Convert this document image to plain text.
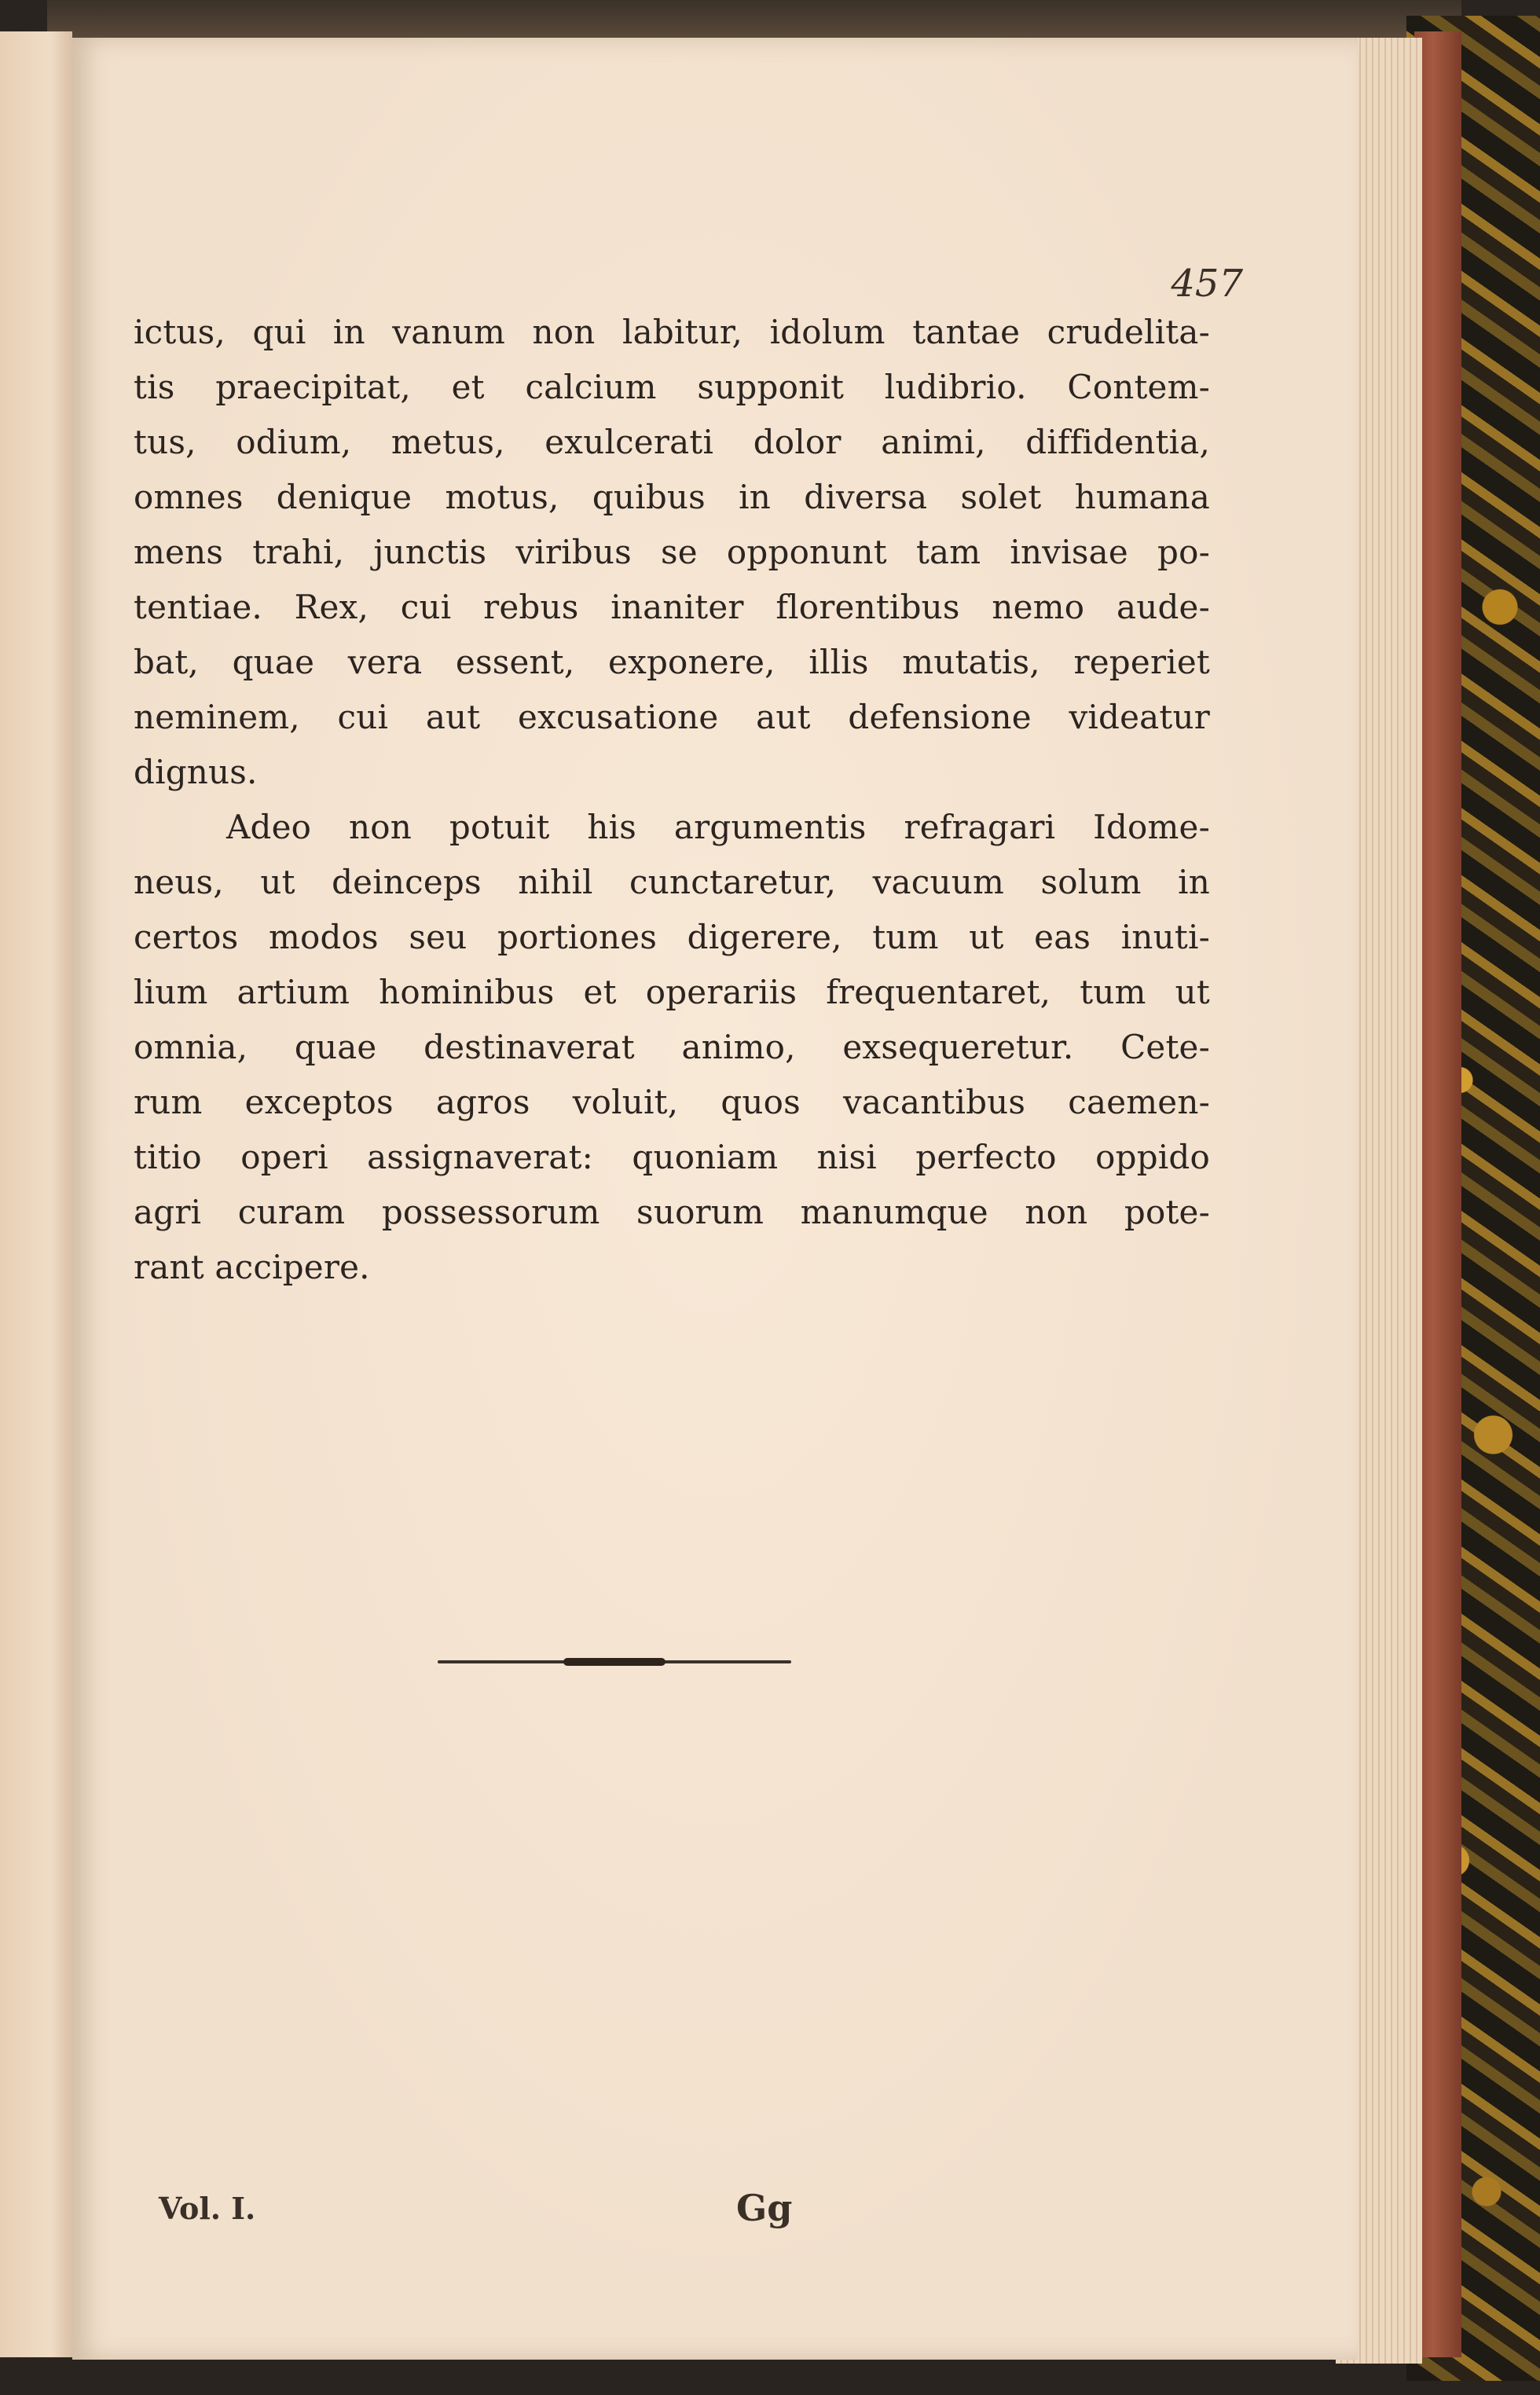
457
ictus, qui in vanum non labitur, idolum tantae crudelita-
tis praecipitat, et calcium supponit ludibrio. Contem-
tus, odium, metus, exulcerati dolor animi, diffidentia,
omnes denique motus, quibus in diversa solet humana
mens trahi, junctis viribus se opponunt tam invisae po-
tentiae. Rex, cui rebus inaniter florentibus nemo aude-
bat, quae vera essent, exponere, illis mutatis, reperiet
neminem, cui aut excusatione aut defensione videatur
dignus.
Adeo non potuit his argumentis refragari Idome-
neus, ut deinceps nihil cunctaretur, vacuum solum in
certos modos seu portiones digerere, tum ut eas inuti-
lium artium hominibus et operariis frequentaret, tum ut
omnia, quae destinaverat animo, exsequeretur. Cete-
rum exceptos agros voluit, quos vacantibus caemen-
titio operi assignaverat: quoniam nisi perfecto oppido
agri curam possessorum suorum manumque non pote-
rant accipere.
Vol. I.	Gg
